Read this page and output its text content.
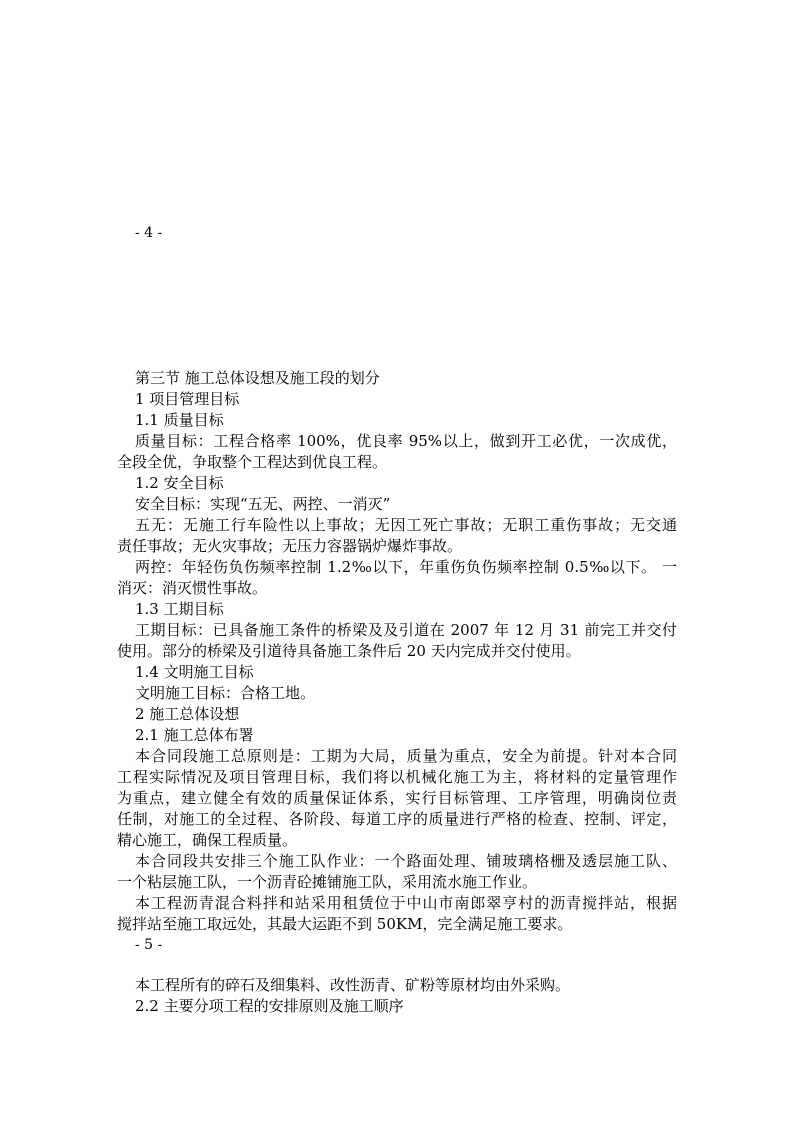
- 4 -
第三节 施工总体设想及施工段的划分
1 项目管理目标
1.1 质量目标
质量目标：工程合格率 100%，优良率 95%以上，做到开工必优，一次成优，
全段全优，争取整个工程达到优良工程。
1.2 安全目标
安全目标：实现“五无、两控、一消灭”
五无：无施工行车险性以上事故；无因工死亡事故；无职工重伤事故；无交通
责任事故；无火灾事故；无压力容器锅炉爆炸事故。
两控：年轻伤负伤频率控制 1.2‰以下，年重伤负伤频率控制 0.5‰以下。 一
消灭：消灭惯性事故。
1.3 工期目标
工期目标：已具备施工条件的桥梁及及引道在 2007 年 12 月 31 前完工并交付
使用。部分的桥梁及引道待具备施工条件后 20 天内完成并交付使用。
1.4 文明施工目标
文明施工目标：合格工地。
2 施工总体设想
2.1 施工总体布署
本合同段施工总原则是：工期为大局，质量为重点，安全为前提。针对本合同
工程实际情况及项目管理目标，我们将以机械化施工为主，将材料的定量管理作
为重点，建立健全有效的质量保证体系，实行目标管理、工序管理，明确岗位责
任制，对施工的全过程、各阶段、每道工序的质量进行严格的检查、控制、评定，
精心施工，确保工程质量。
本合同段共安排三个施工队作业：一个路面处理、铺玻璃格栅及透层施工队、
一个粘层施工队，一个沥青砼摊铺施工队，采用流水施工作业。
本工程沥青混合料拌和站采用租赁位于中山市南郎翠亨村的沥青搅拌站，根据
搅拌站至施工取远处，其最大运距不到 50KM，完全满足施工要求。
- 5 -
本工程所有的碎石及细集料、改性沥青、矿粉等原材均由外采购。
2.2 主要分项工程的安排原则及施工顺序
